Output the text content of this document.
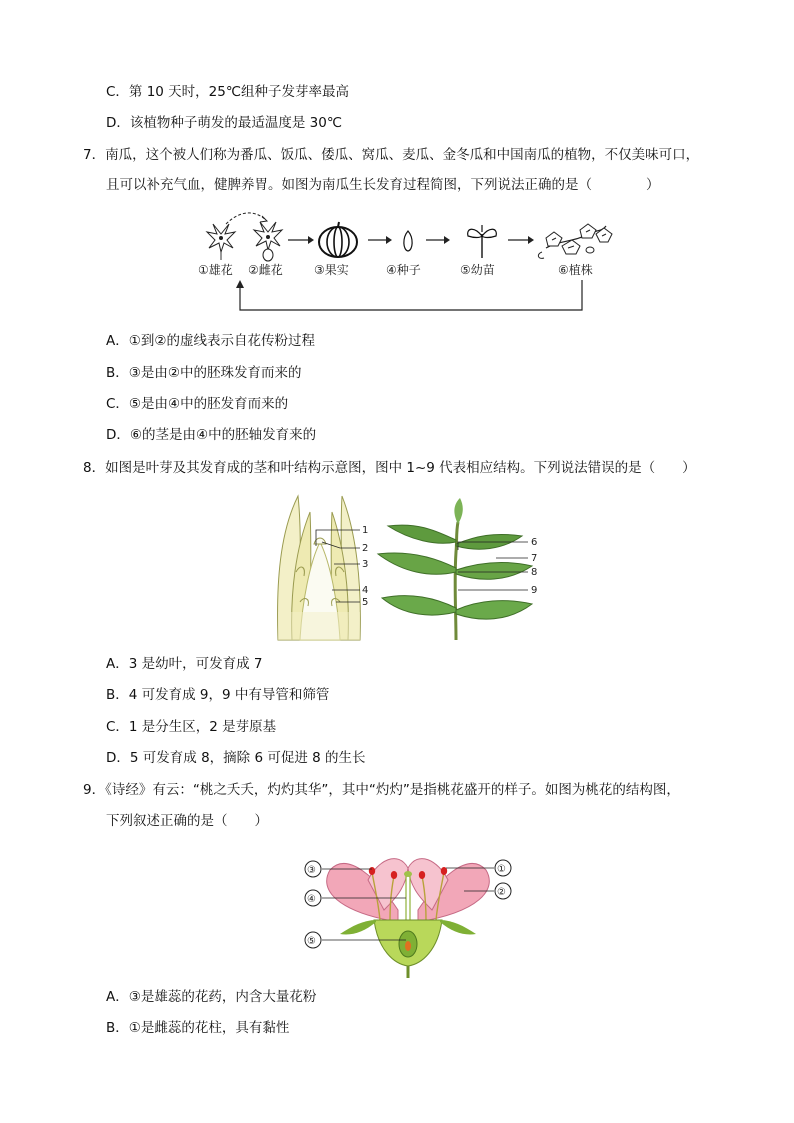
C．第 10 天时，25℃组种子发芽率最高
D．该植物种子萌发的最适温度是 30℃
7．南瓜，这个被人们称为番瓜、饭瓜、倭瓜、窝瓜、麦瓜、金冬瓜和中国南瓜的植物，不仅美味可口，
且可以补充气血，健脾养胃。如图为南瓜生长发育过程简图，下列说法正确的是（　　　　）
①雄花 ②雌花	③果实	④种子	⑤幼苗	⑥植株
A．①到②的虚线表示自花传粉过程
B．③是由②中的胚珠发育而来的
C．⑤是由④中的胚发育而来的
D．⑥的茎是由④中的胚轴发育来的
8．如图是叶芽及其发育成的茎和叶结构示意图，图中 1~9 代表相应结构。下列说法错误的是（　　）
1
2
3
4
5
6
7
8
9
A．3 是幼叶，可发育成 7
B．4 可发育成 9，9 中有导管和筛管
C．1 是分生区，2 是芽原基
D．5 可发育成 8，摘除 6 可促进 8 的生长
9．《诗经》有云：“桃之夭夭，灼灼其华”，其中“灼灼”是指桃花盛开的样子。如图为桃花的结构图，
下列叙述正确的是（　　）
③	①
②
④
⑤
A．③是雄蕊的花药，内含大量花粉
B．①是雌蕊的花柱，具有黏性
